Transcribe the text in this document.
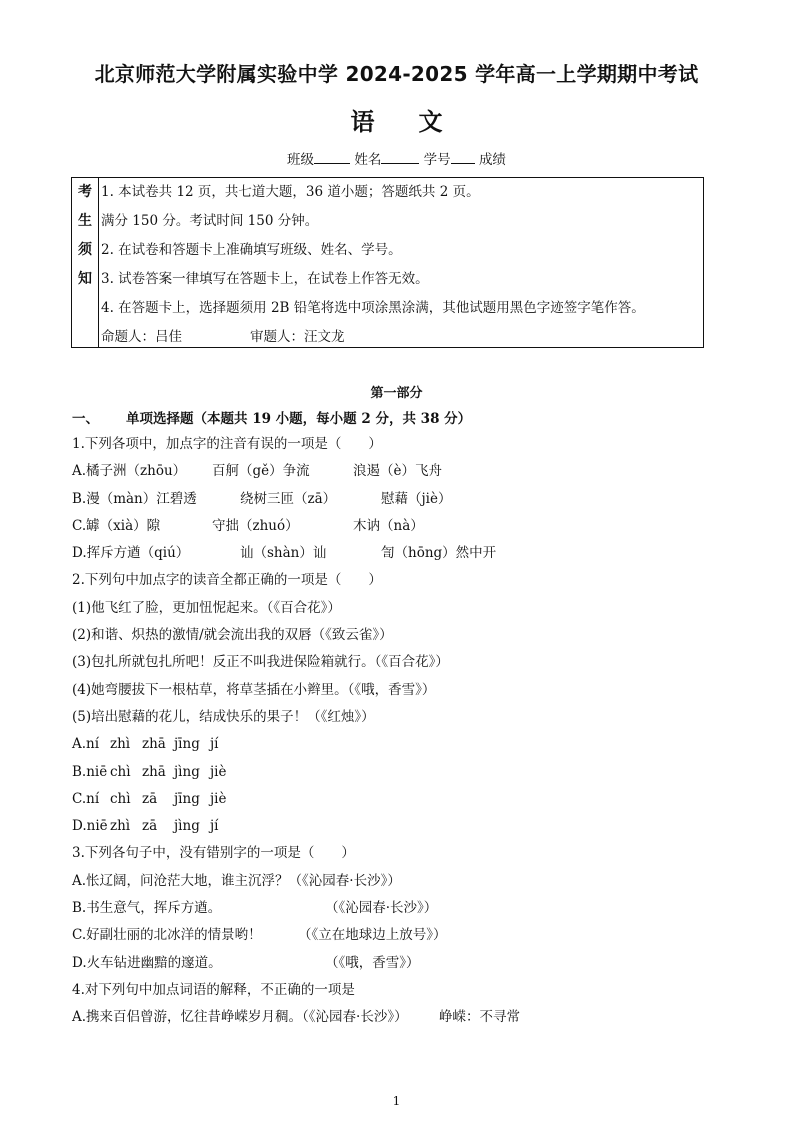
北京师范大学附属实验中学 2024-2025 学年高一上学期期中考试
语 文
班级	姓名	学号 成绩
考
生
须
知
1. 本试卷共 12 页，共七道大题，36 道小题；答题纸共 2 页。
满分 150 分。考试时间 150 分钟。
2. 在试卷和答题卡上准确填写班级、姓名、学号。
3. 试卷答案一律填写在答题卡上，在试卷上作答无效。
4. 在答题卡上，选择题须用 2B 铅笔将选中项涂黑涂满，其他试题用黑色字迹签字笔作答。
命题人：吕佳	审题人：汪文龙
第一部分
一、 单项选择题（本题共 19 小题，每小题 2 分，共 38 分）
1.下列各项中，加点字的注音有误的一项是（　　）
A.橘子洲（zhōu） 百舸（gě）争流	浪遏（è）飞舟
B.漫（màn）江碧透	绕树三匝（zā）	慰藉（jiè）
C.罅（xià）隙	守拙（zhuó）	木讷（nà）
D.挥斥方遒（qiú）	讪（shàn）讪	訇（hōng）然中开
2.下列句中加点字的读音全都正确的一项是（　　）
(1)他飞红了脸，更加忸怩起来。（《百合花》）
(2)和谐、炽热的激情/就会流出我的双唇（《致云雀》）
(3)包扎所就包扎所吧！反正不叫我进保险箱就行。（《百合花》）
(4)她弯腰拔下一根枯草，将草茎插在小辫里。（《哦，香雪》）
(5)培出慰藉的花儿，结成快乐的果子！（《红烛》）
A.ní zhì zhā jīng jí
B.niē chì zhā jìng jiè
C.ní chì zā jīng jiè
D.niē zhì zā jìng jí
3.下列各句子中，没有错别字的一项是（　　）
A.怅辽阔，问沧茫大地，谁主沉浮？（《沁园春·长沙》）
B.书生意气，挥斥方遒。	（《沁园春·长沙》）
C.好副壮丽的北冰洋的情景哟！	（《立在地球边上放号》）
D.火车钻进幽黯的邃道。	（《哦，香雪》）
4.对下列句中加点词语的解释，不正确的一项是
A.携来百侣曾游，忆往昔峥嵘岁月稠。（《沁园春·长沙》） 峥嵘：不寻常
1
